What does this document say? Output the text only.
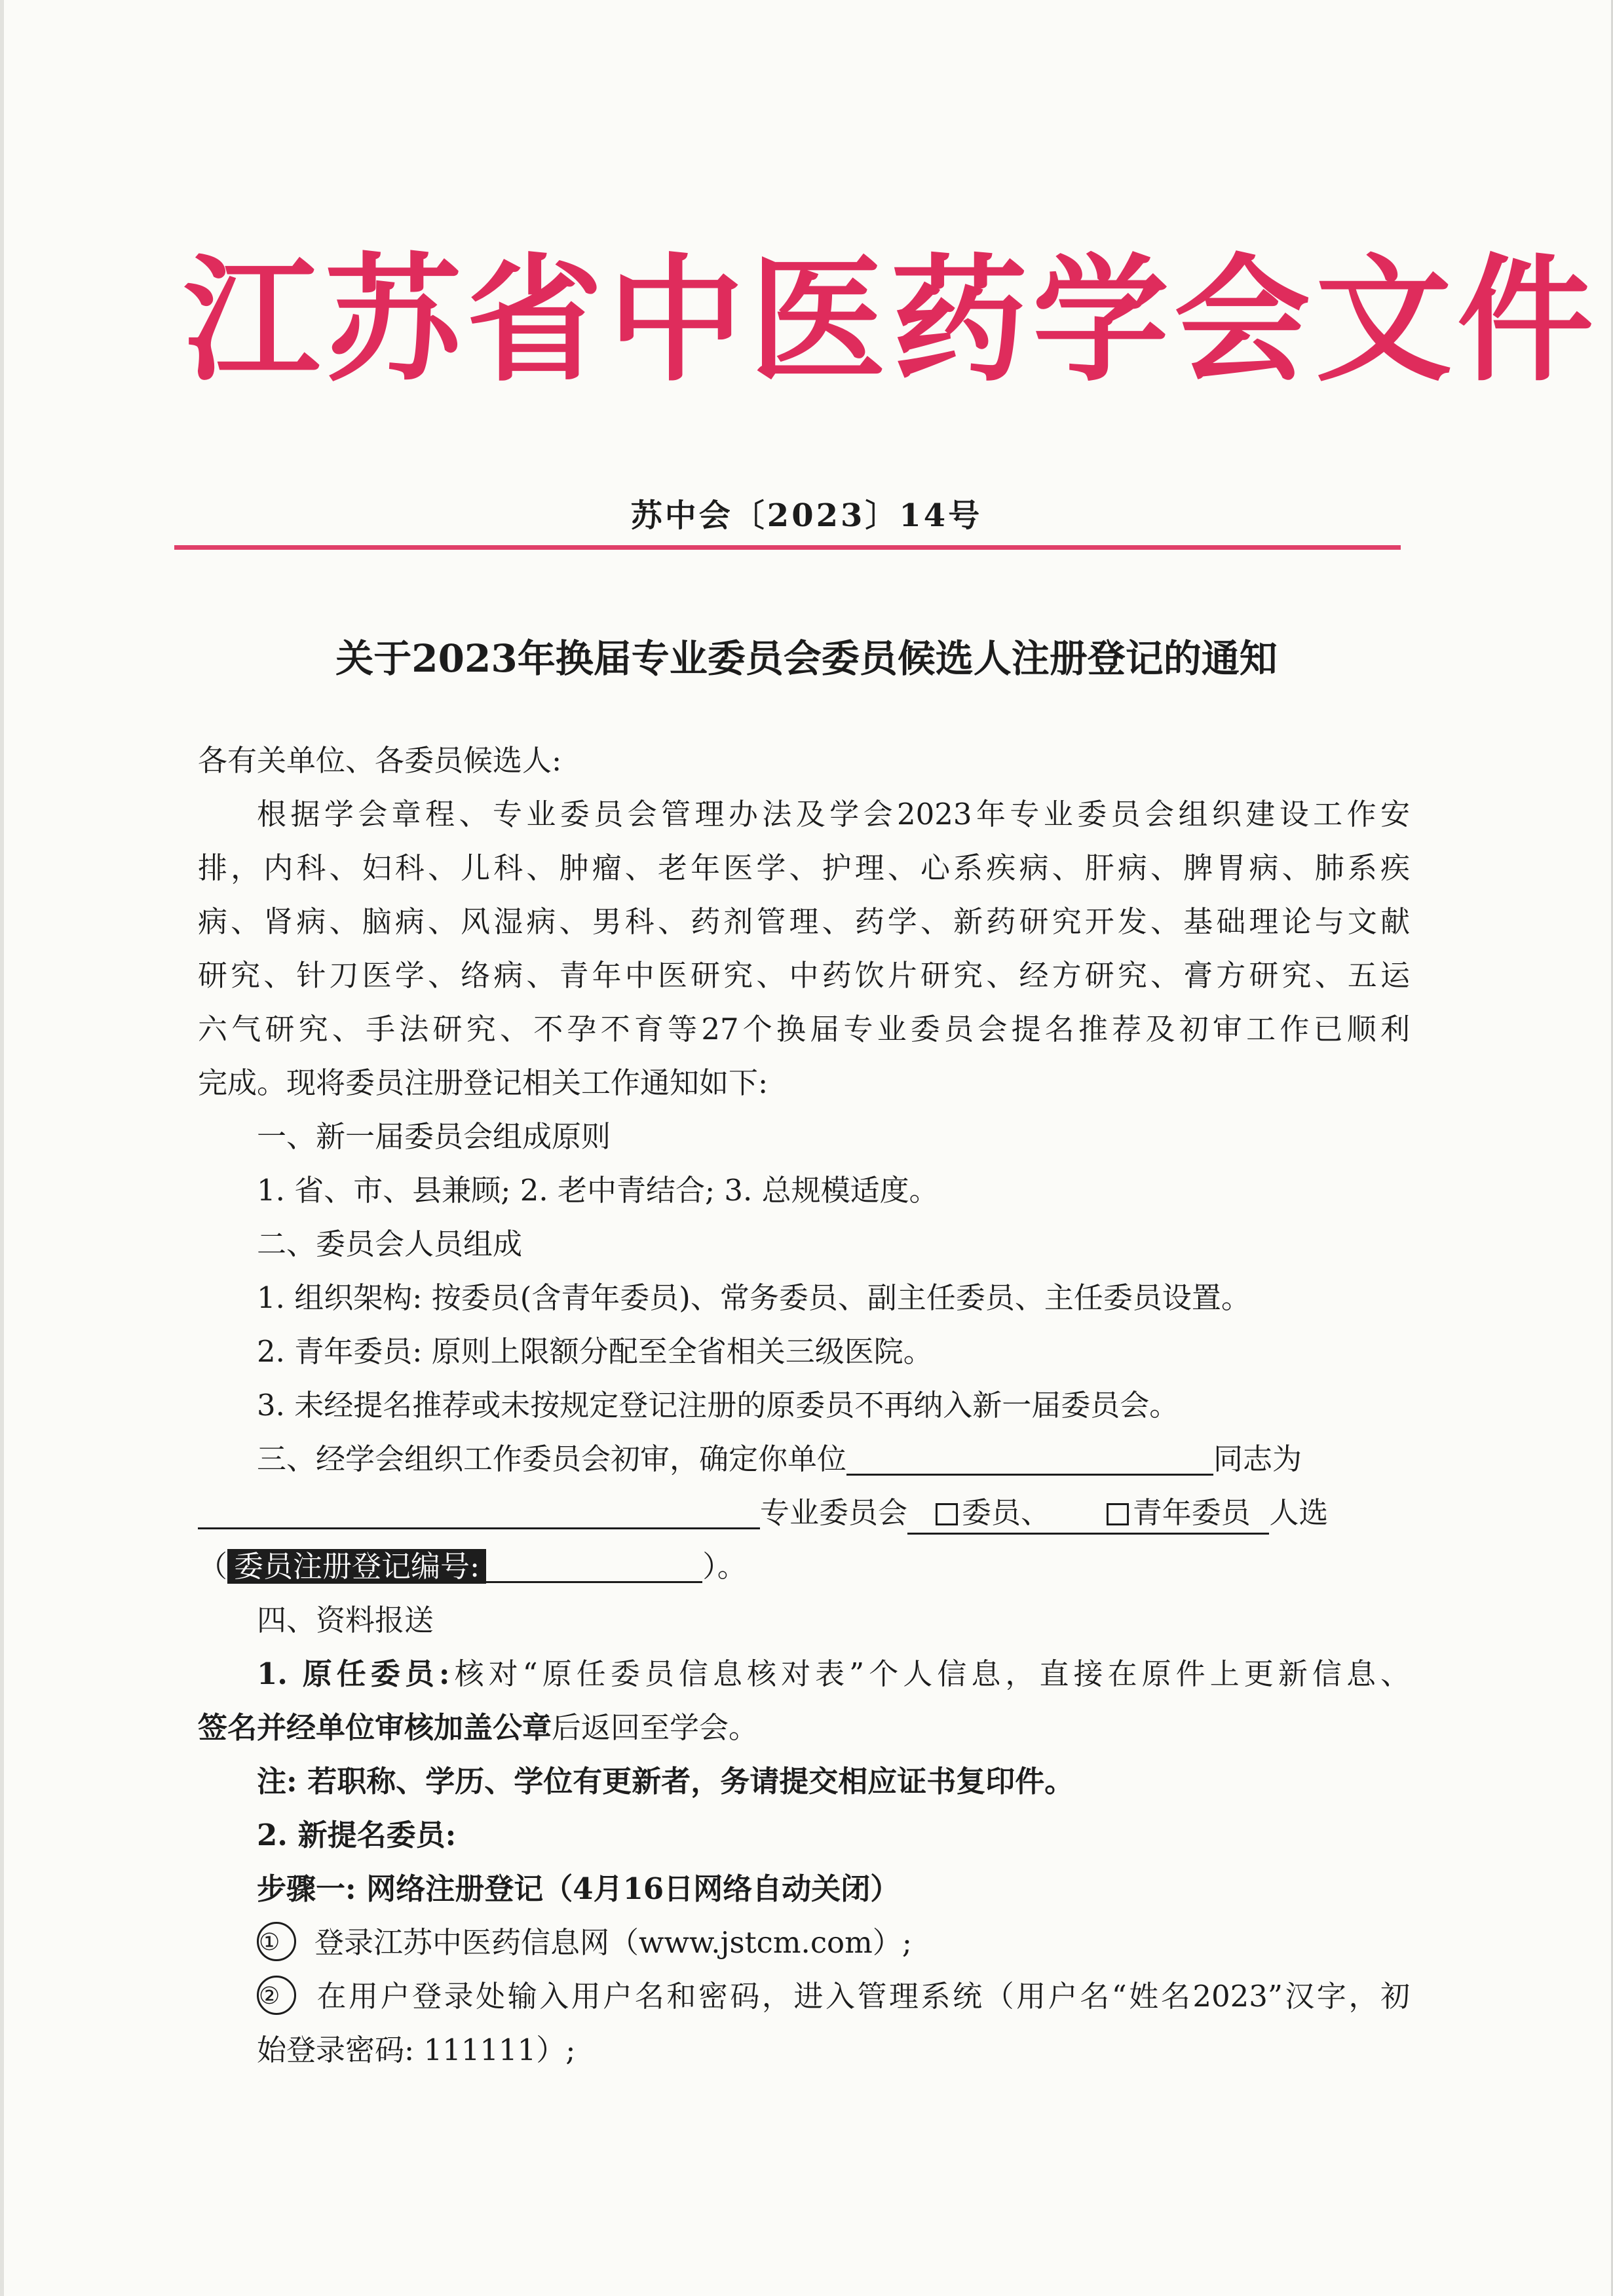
江苏省中医药学会文件
苏中会〔2023〕14号
关于2023年换届专业委员会委员候选人注册登记的通知
各有关单位、各委员候选人:
根据学会章程、专业委员会管理办法及学会2023年专业委员会组织建设工作安
排，内科、妇科、儿科、肿瘤、老年医学、护理、心系疾病、肝病、脾胃病、肺系疾
病、肾病、脑病、风湿病、男科、药剂管理、药学、新药研究开发、基础理论与文献
研究、针刀医学、络病、青年中医研究、中药饮片研究、经方研究、膏方研究、五运
六气研究、手法研究、不孕不育等27个换届专业委员会提名推荐及初审工作已顺利
完成。现将委员注册登记相关工作通知如下:
一、新一届委员会组成原则
1. 省、市、县兼顾; 2. 老中青结合; 3. 总规模适度。
二、委员会人员组成
1. 组织架构: 按委员(含青年委员)、常务委员、副主任委员、主任委员设置。
2. 青年委员: 原则上限额分配至全省相关三级医院。
3. 未经提名推荐或未按规定登记注册的原委员不再纳入新一届委员会。
三、经学会组织工作委员会初审，确定你单位	同志为
专业委员会 委员、	青年委员 人选
（ 委员注册登记编号:	）。
四、资料报送
1. 原任委员:核对“原任委员信息核对表”个人信息，直接在原件上更新信息、
签名并经单位审核加盖公章后返回至学会。
注: 若职称、学历、学位有更新者，务请提交相应证书复印件。
2. 新提名委员:
步骤一: 网络注册登记（4月16日网络自动关闭）
① 登录江苏中医药信息网（www.jstcm.com）;
② 在用户登录处输入用户名和密码，进入管理系统（用户名“姓名2023”汉字，初
始登录密码: 111111）;
